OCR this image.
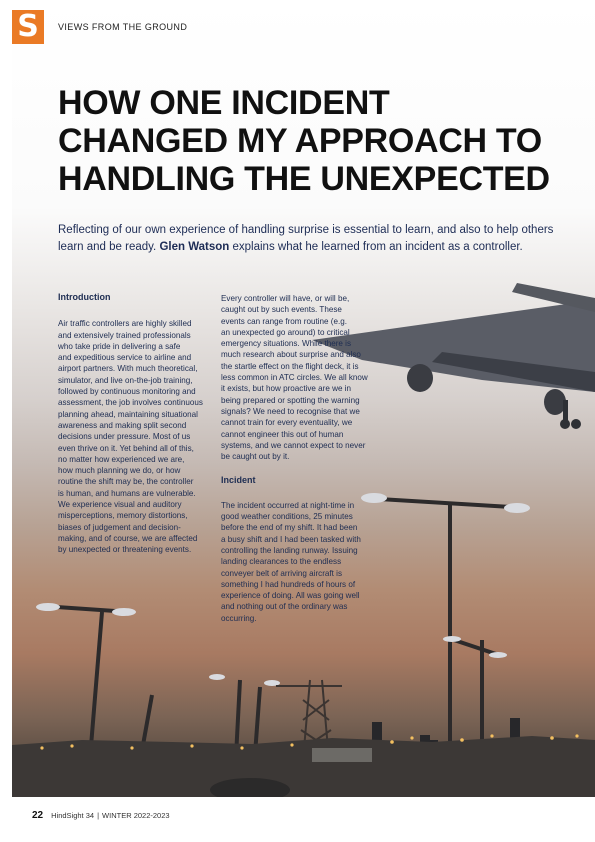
S	VIEWS FROM THE GROUND
HOW ONE INCIDENT
CHANGED MY APPROACH TO
HANDLING THE UNEXPECTED

Reflecting of our own experience of handling surprise is essential to learn, and also to help others learn and be ready. Glen Watson explains what he learned from an incident as a controller.

Introduction
Air traffic controllers are highly skilled
and extensively trained professionals
who take pride in delivering a safe
and expeditious service to airline and
airport partners. With much theoretical,
simulator, and live on-the-job training,
followed by continuous monitoring and
assessment, the job involves continuous
planning ahead, maintaining situational
awareness and making split second
decisions under pressure. Most of us
even thrive on it. Yet behind all of this,
no matter how experienced we are,
how much planning we do, or how
routine the shift may be, the controller
is human, and humans are vulnerable.
We experience visual and auditory
misperceptions, memory distortions,
biases of judgement and decision-
making, and of course, we are affected
by unexpected or threatening events.
Every controller will have, or will be,
caught out by such events. These
events can range from routine (e.g.
an unexpected go around) to critical
emergency situations. While there is
much research about surprise and also
the startle effect on the flight deck, it is
less common in ATC circles. We all know
it exists, but how proactive are we in
being prepared or spotting the warning
signals? We need to recognise that we
cannot train for every eventuality, we
cannot engineer this out of human
systems, and we cannot expect to never
be caught out by it.
Incident
The incident occurred at night-time in
good weather conditions, 25 minutes
before the end of my shift. It had been
a busy shift and I had been tasked with
controlling the landing runway. Issuing
landing clearances to the endless
conveyer belt of arriving aircraft is
something I had hundreds of hours of
experience of doing. All was going well
and nothing out of the ordinary was
occurring.
22 HindSight 34 | WINTER 2022-2023
